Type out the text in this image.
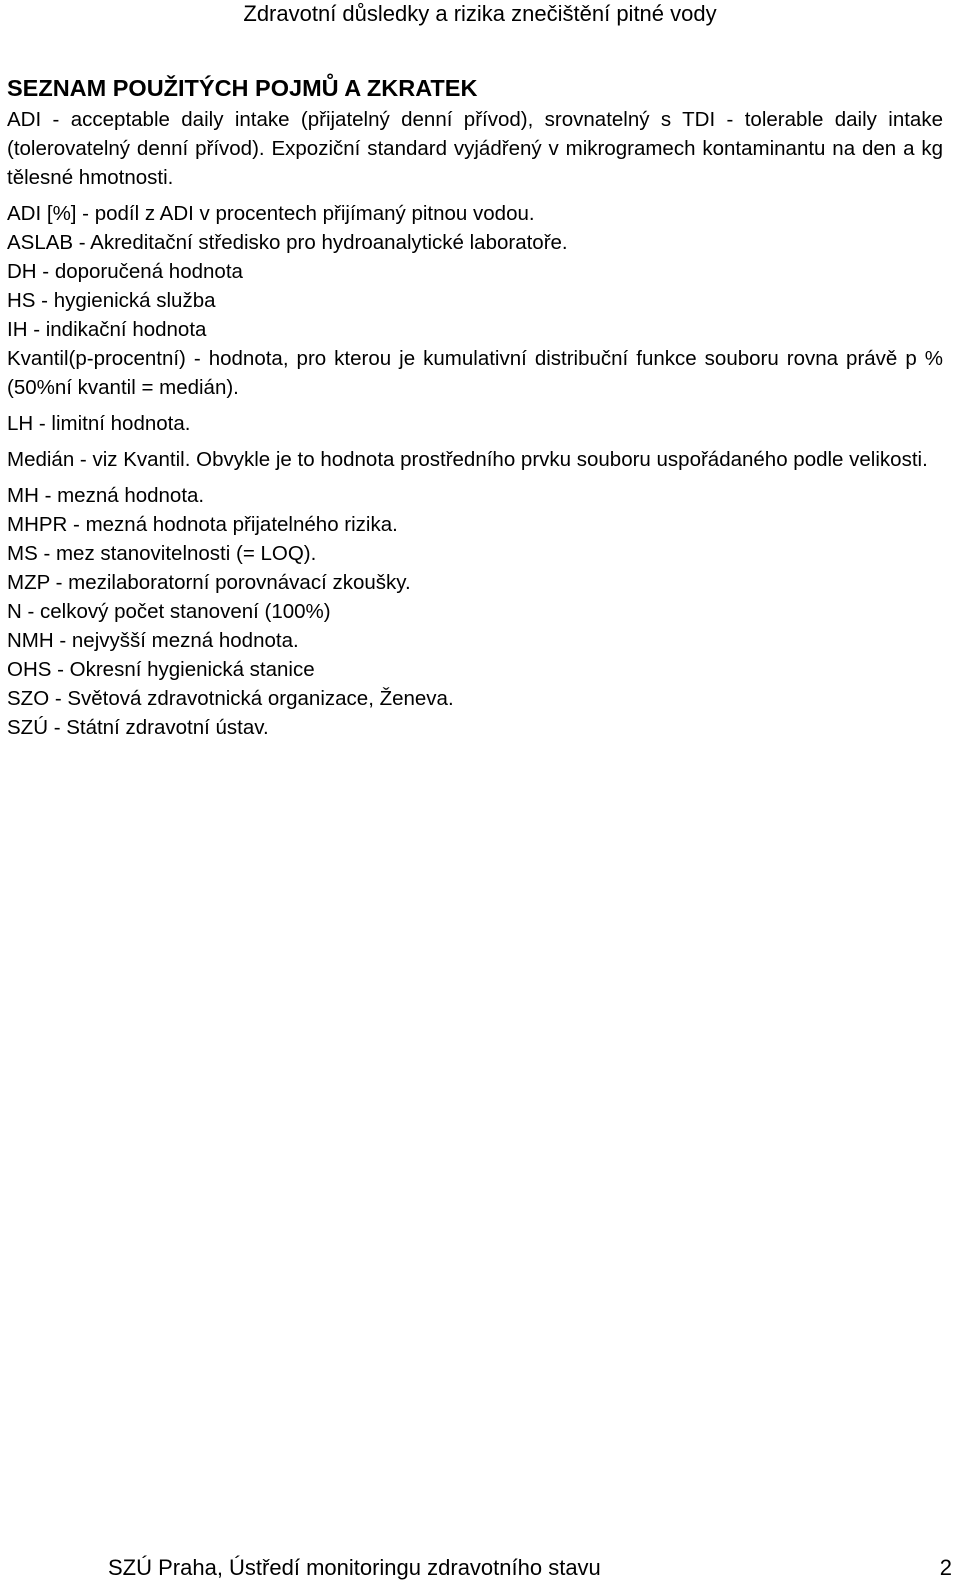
Zdravotní důsledky a rizika znečištění pitné vody
SEZNAM POUŽITÝCH POJMŮ A ZKRATEK

ADI - acceptable daily intake (přijatelný denní přívod), srovnatelný s TDI - tolerable daily intake (tolerovatelný denní přívod). Expoziční standard vyjádřený v mikrogramech kontaminantu na den a kg tělesné hmotnosti.

ADI [%] - podíl z ADI v procentech přijímaný pitnou vodou.

ASLAB - Akreditační středisko pro hydroanalytické laboratoře.

DH - doporučená hodnota

HS - hygienická služba

IH - indikační hodnota

Kvantil(p-procentní) - hodnota, pro kterou je kumulativní distribuční funkce souboru rovna právě p % (50%ní kvantil = medián).

LH - limitní hodnota.

Medián - viz Kvantil. Obvykle je to hodnota prostředního prvku souboru uspořádaného podle velikosti.

MH - mezná hodnota.

MHPR - mezná hodnota přijatelného rizika.

MS - mez stanovitelnosti (= LOQ).

MZP - mezilaboratorní porovnávací zkoušky.

N - celkový počet stanovení (100%)

NMH - nejvyšší mezná hodnota.

OHS - Okresní hygienická stanice

SZO - Světová zdravotnická organizace, Ženeva.

SZÚ - Státní zdravotní ústav.

SZÚ Praha, Ústředí monitoringu zdravotního stavu	2
